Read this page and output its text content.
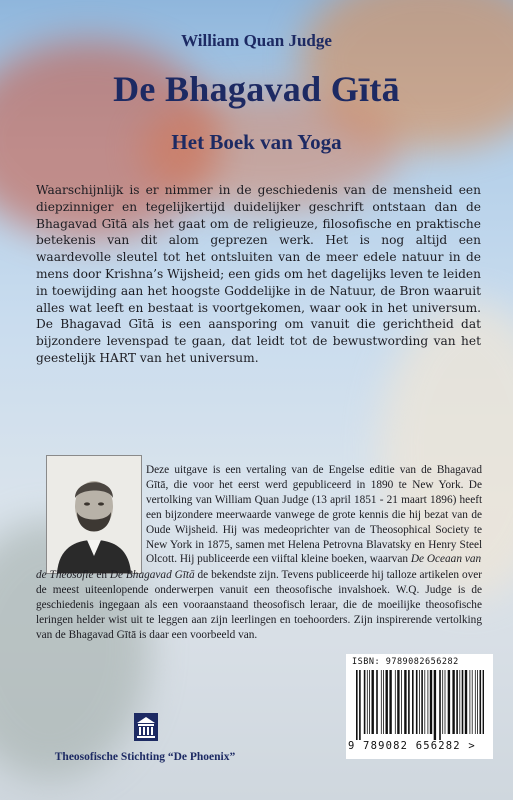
William Quan Judge
De Bhagavad Gītā
Het Boek van Yoga

Waarschijnlijk is er nimmer in de geschiedenis van de mensheid een diepzinniger en tegelijkertijd duidelijker geschrift ontstaan dan de Bhagavad Gītā als het gaat om de religieuze, filosofische en praktische betekenis van dit alom geprezen werk. Het is nog altijd een waardevolle sleutel tot het ontsluiten van de meer edele natuur in de mens door Krishna’s Wijsheid; een gids om het dagelijks leven te leiden in toewijding aan het hoogste Goddelijke in de Natuur, de Bron waaruit alles wat leeft en bestaat is voortgekomen, waar ook in het universum. De Bhagavad Gītā is een aansporing om vanuit die gerichtheid dat bijzondere levenspad te gaan, dat leidt tot de bewustwording van het geestelijk HART van het universum.

Deze uitgave is een vertaling van de Engelse editie van de Bhagavad Gītā, die voor het eerst werd gepubliceerd in 1890 te New York. De vertolking van William Quan Judge (13 april 1851 - 21 maart 1896) heeft een bijzondere meerwaarde vanwege de grote kennis die hij bezat van de Oude Wijsheid. Hij was medeoprichter van de Theosophical Society te New York in 1875, samen met Helena Petrovna Blavatsky en Henry Steel Olcott. Hij publiceerde een viiftal kleine boeken, waarvan De Oceaan van

de Theosofie en De Bhagavad Gītā de bekendste zijn. Tevens publiceerde hij talloze artikelen over de meest uiteenlopende onderwerpen vanuit een theosofische invalshoek. W.Q. Judge is de geschiedenis ingegaan als een vooraanstaand theosofisch leraar, die de moeilijke theosofische leringen helder wist uit te leggen aan zijn leerlingen en toehoorders. Zijn inspirerende vertolking van de Bhagavad Gītā is daar een voorbeeld van.

ISBN: 9789082656282
9 789082 656282 >
Theosofische Stichting “De Phoenix”
